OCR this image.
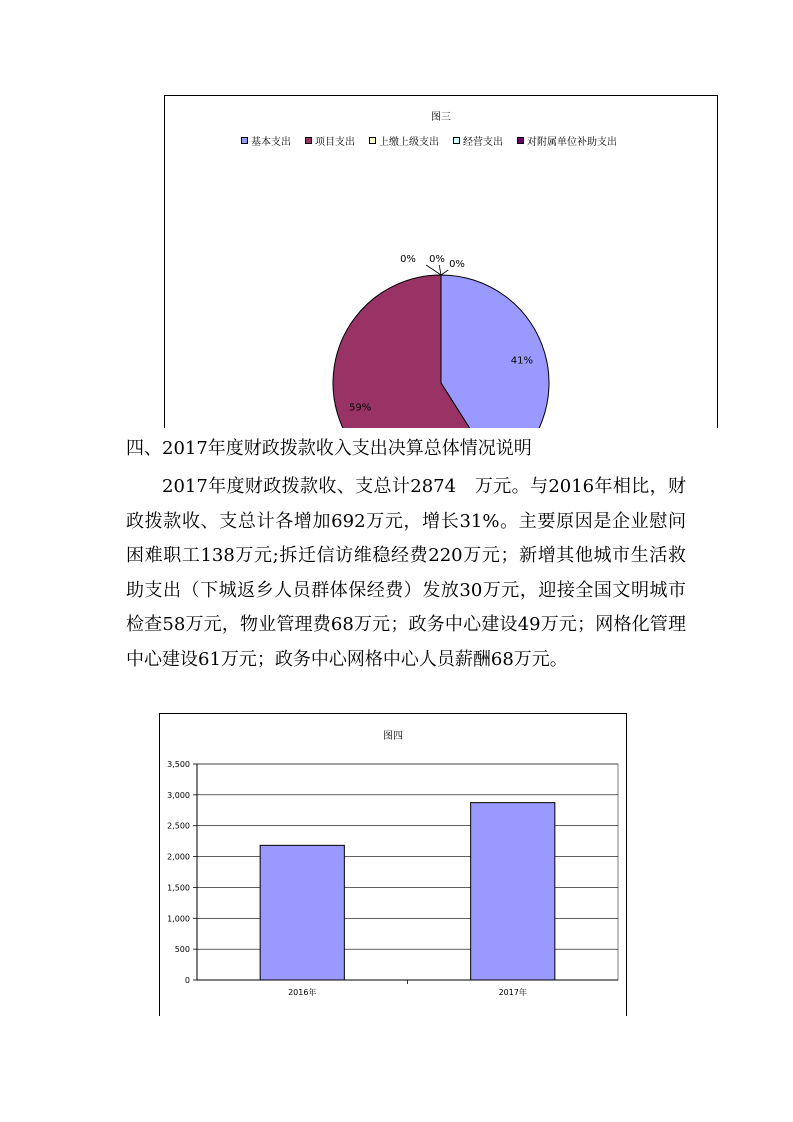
图三
基本支出 项目支出 上缴上级支出 经营支出 对附属单位补助支出
41%
59%
0% 0% 0%
四、2017年度财政拨款收入支出决算总体情况说明
2017年度财政拨款收、支总计2874　万元。与2016年相比，财政拨款收、支总计各增加692万元，增长31%。主要原因是企业慰问困难职工138万元;拆迁信访维稳经费220万元；新增其他城市生活救助支出（下城返乡人员群体保经费）发放30万元，迎接全国文明城市检查58万元，物业管理费68万元；政务中心建设49万元；网格化管理中心建设61万元；政务中心网格中心人员薪酬68万元。
图四
0
500
1,000
1,500
2,000
2,500
3,000
3,500
2016年	2017年
